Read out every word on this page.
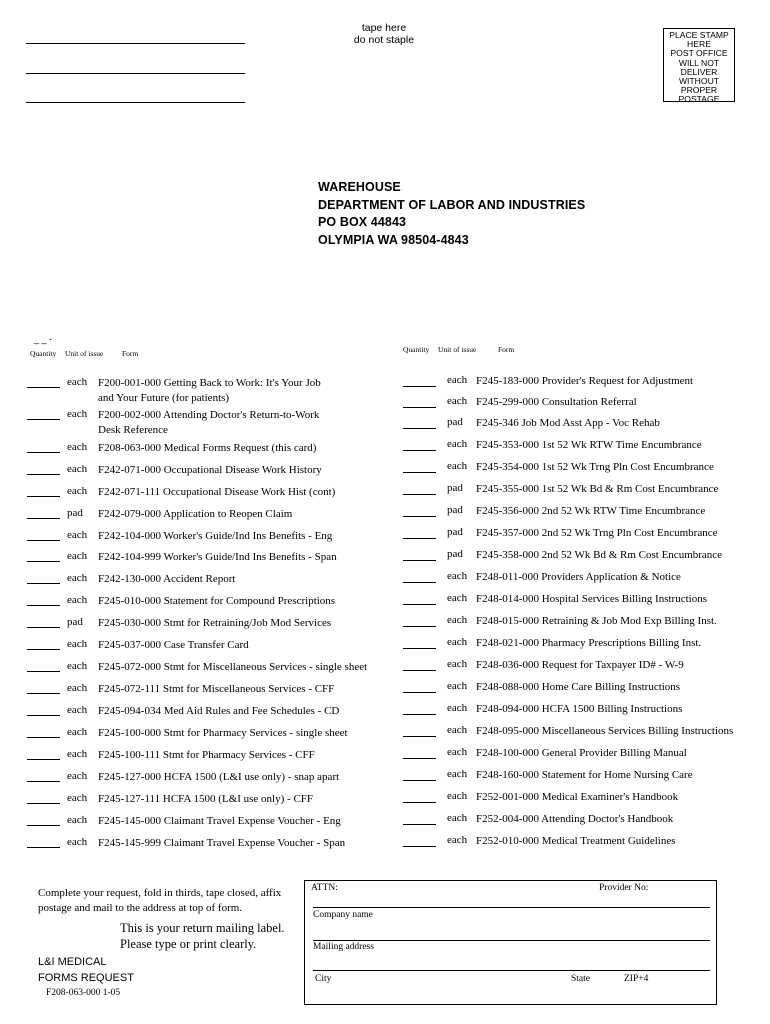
tape here
do not staple	PLACE STAMP
HERE
POST OFFICE
WILL NOT
DELIVER
WITHOUT
PROPER
POSTAGE
WAREHOUSE
DEPARTMENT OF LABOR AND INDUSTRIES
PO BOX 44843
OLYMPIA WA 98504-4843
_ _ -
Quantity Unit of issue Form	Quantity Unit of issue	Form
each F200-001-000 Getting Back to Work: It's Your Job
and Your Future (for patients)
each F200-002-000 Attending Doctor's Return-to-Work
Desk Reference
each F208-063-000 Medical Forms Request (this card)
each F242-071-000 Occupational Disease Work History
each F242-071-111 Occupational Disease Work Hist (cont)
pad F242-079-000 Application to Reopen Claim
each F242-104-000 Worker's Guide/Ind Ins Benefits - Eng
each F242-104-999 Worker's Guide/Ind Ins Benefits - Span
each F242-130-000 Accident Report
each F245-010-000 Statement for Compound Prescriptions
pad F245-030-000 Stmt for Retraining/Job Mod Services
each F245-037-000 Case Transfer Card
each F245-072-000 Stmt for Miscellaneous Services - single sheet
each F245-072-111 Stmt for Miscellaneous Services - CFF
each F245-094-034 Med Aid Rules and Fee Schedules - CD
each F245-100-000 Stmt for Pharmacy Services - single sheet
each F245-100-111 Stmt for Pharmacy Services - CFF
each F245-127-000 HCFA 1500 (L&I use only) - snap apart
each F245-127-111 HCFA 1500 (L&I use only) - CFF
each F245-145-000 Claimant Travel Expense Voucher - Eng
each F245-145-999 Claimant Travel Expense Voucher - Span
each F245-183-000 Provider's Request for Adjustment
each F245-299-000 Consultation Referral
pad F245-346 Job Mod Asst App - Voc Rehab
each F245-353-000 1st 52 Wk RTW Time Encumbrance
each F245-354-000 1st 52 Wk Trng Pln Cost Encumbrance
pad F245-355-000 1st 52 Wk Bd & Rm Cost Encumbrance
pad F245-356-000 2nd 52 Wk RTW Time Encumbrance
pad F245-357-000 2nd 52 Wk Trng Pln Cost Encumbrance
pad F245-358-000 2nd 52 Wk Bd & Rm Cost Encumbrance
each F248-011-000 Providers Application & Notice
each F248-014-000 Hospital Services Billing Instructions
each F248-015-000 Retraining & Job Mod Exp Billing Inst.
each F248-021-000 Pharmacy Prescriptions Billing Inst.
each F248-036-000 Request for Taxpayer ID# - W-9
each F248-088-000 Home Care Billing Instructions
each F248-094-000 HCFA 1500 Billing Instructions
each F248-095-000 Miscellaneous Services Billing Instructions
each F248-100-000 General Provider Billing Manual
each F248-160-000 Statement for Home Nursing Care
each F252-001-000 Medical Examiner's Handbook
each F252-004-000 Attending Doctor's Handbook
each F252-010-000 Medical Treatment Guidelines
Complete your request, fold in thirds, tape closed, affix postage and mail to the address at top of form.
This is your return mailing label.
Please type or print clearly.
L&I MEDICAL
FORMS REQUEST
F208-063-000 1-05
ATTN:	Provider No:
Company name
Mailing address
City	State	ZIP+4
